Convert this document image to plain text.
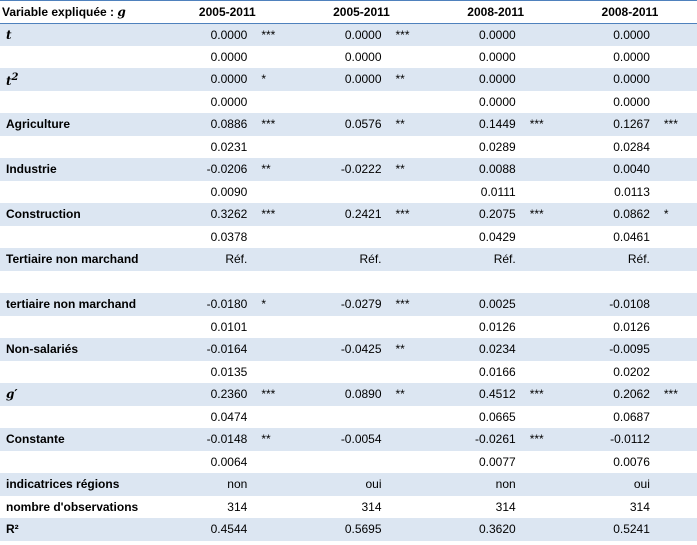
Variable expliquée : g	2005-2011		2005-2011		2008-2011		2008-2011	
t	0.0000	***	0.0000	***	0.0000		0.0000	
	0.0000		0.0000		0.0000		0.0000	
$t^2$	0.0000	*	0.0000	**	0.0000		0.0000	
	0.0000				0.0000		0.0000	
Agriculture	0.0886	***	0.0576	**	0.1449	***	0.1267	***
	0.0231				0.0289		0.0284	
Industrie	-0.0206	**	-0.0222	**	0.0088		0.0040	
	0.0090				0.0111		0.0113	
Construction	0.3262	***	0.2421	***	0.2075	***	0.0862	*
	0.0378				0.0429		0.0461	
Tertiaire non marchand	Réf.		Réf.		Réf.		Réf.	

tertiaire non marchand	-0.0180	*	-0.0279	***	0.0025		-0.0108	
	0.0101				0.0126		0.0126	
Non-salariés	-0.0164		-0.0425	**	0.0234		-0.0095	
	0.0135				0.0166		0.0202	
g′	0.2360	***	0.0890	**	0.4512	***	0.2062	***
	0.0474				0.0665		0.0687	
Constante	-0.0148	**	-0.0054		-0.0261	***	-0.0112	
	0.0064				0.0077		0.0076	
indicatrices régions	non		oui		non		oui	
nombre d'observations	314		314		314		314	
R²	0.4544		0.5695		0.3620		0.5241	
